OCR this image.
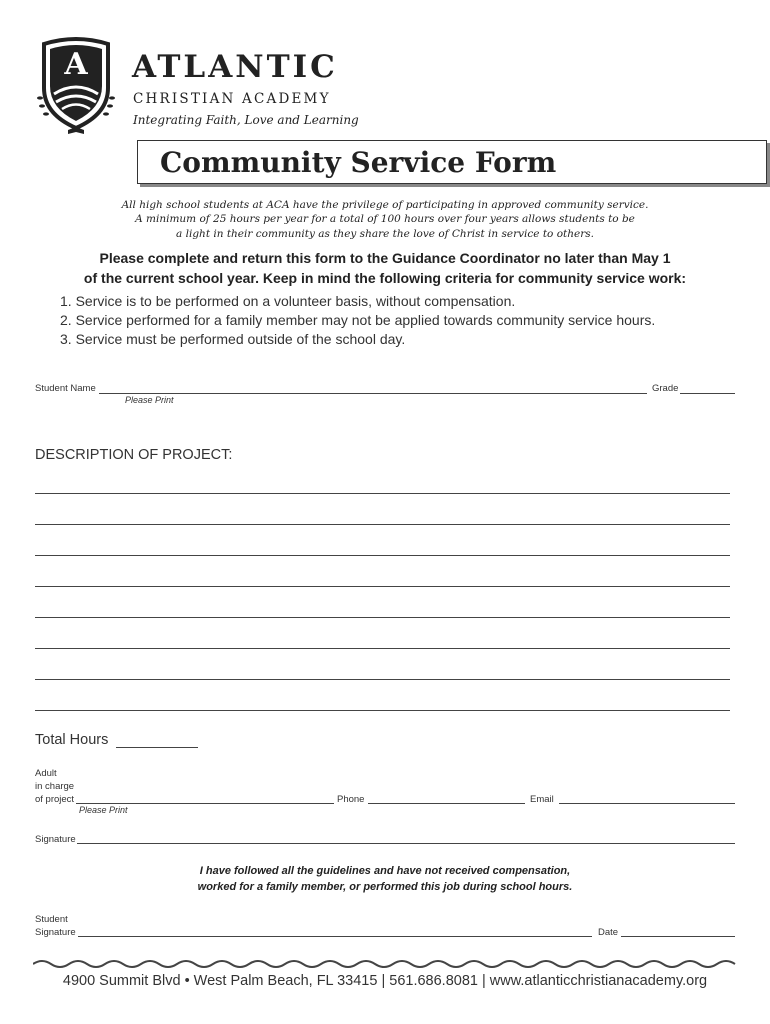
A ATLANTIC
CHRISTIAN ACADEMY
Integrating Faith, Love and Learning
Community Service Form
All high school students at ACA have the privilege of participating in approved community service.
A minimum of 25 hours per year for a total of 100 hours over four years allows students to be
a light in their community as they share the love of Christ in service to others.
Please complete and return this form to the Guidance Coordinator no later than May 1
of the current school year. Keep in mind the following criteria for community service work:
1. Service is to be performed on a volunteer basis, without compensation.
2. Service performed for a family member may not be applied towards community service hours.
3. Service must be performed outside of the school day.
Student Name	Grade
Please Print
DESCRIPTION OF PROJECT:
Total Hours
Adult
in charge
of project	Phone	Email
Please Print
Signature
I have followed all the guidelines and have not received compensation,
worked for a family member, or performed this job during school hours.
Student
Signature	Date
4900 Summit Blvd • West Palm Beach, FL 33415 | 561.686.8081 | www.atlanticchristianacademy.org
